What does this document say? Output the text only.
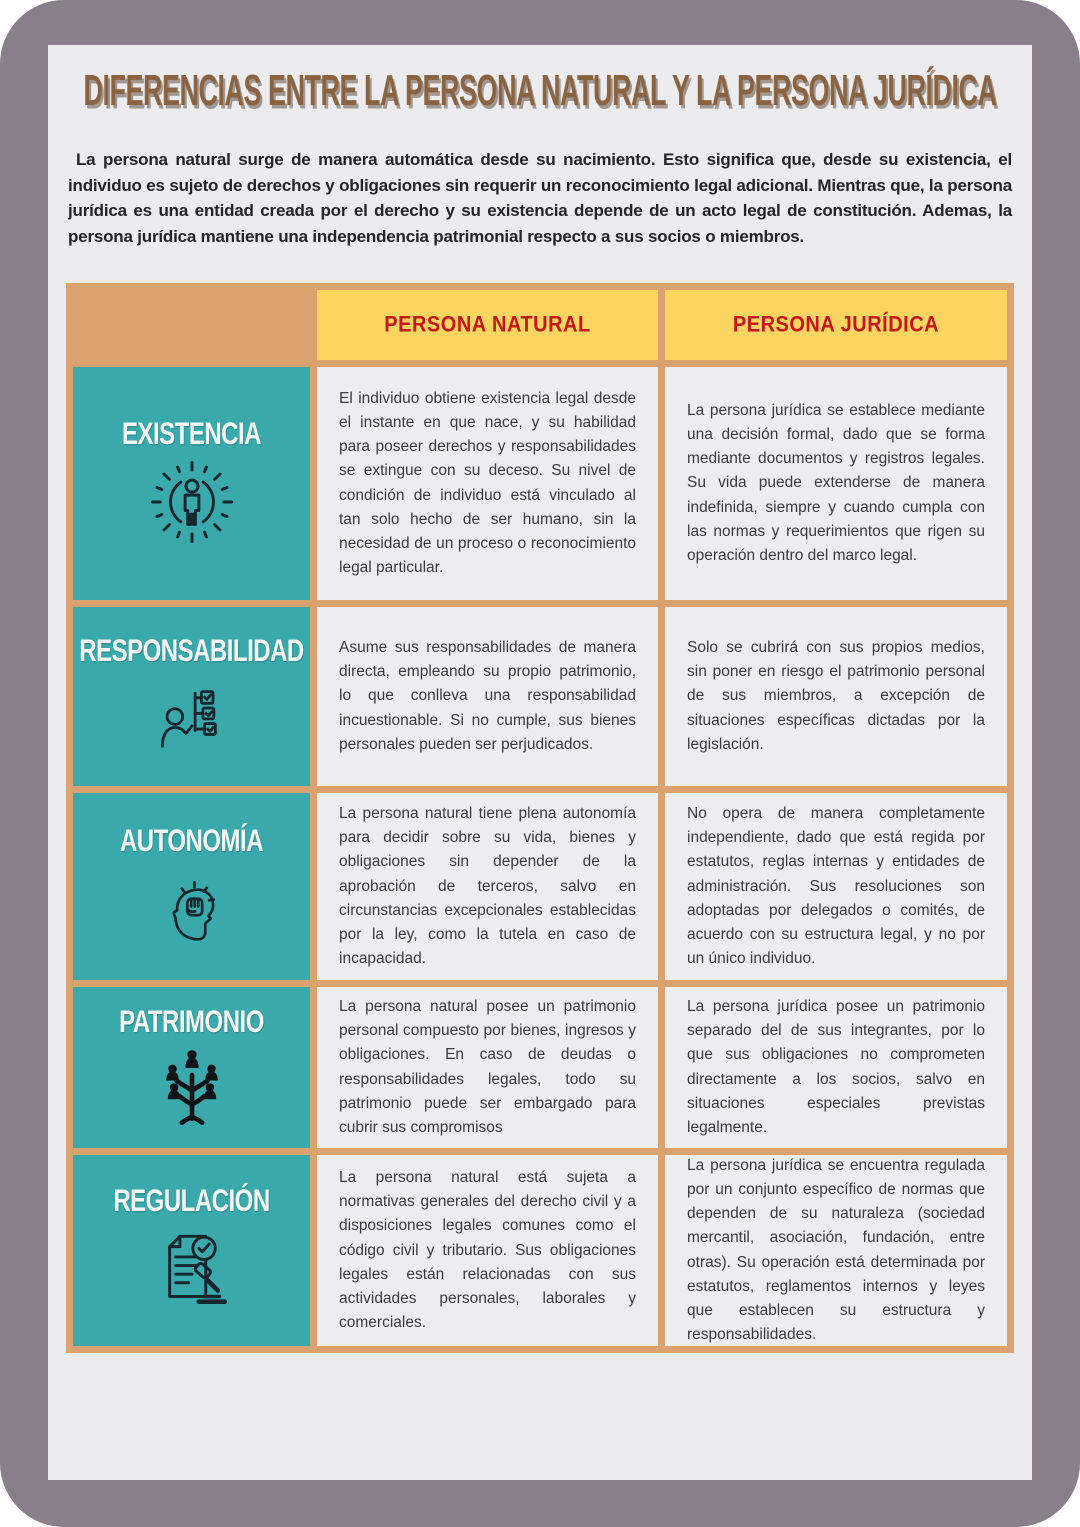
DIFERENCIAS ENTRE LA PERSONA NATURAL Y LA PERSONA JURÍDICA

La persona natural surge de manera automática desde su nacimiento. Esto significa que, desde su existencia, el individuo es sujeto de derechos y obligaciones sin requerir un reconocimiento legal adicional. Mientras que, la persona jurídica es una entidad creada por el derecho y su existencia depende de un acto legal de constitución. Ademas, la persona jurídica mantiene una independencia patrimonial respecto a sus socios o miembros.

PERSONA NATURAL	PERSONA JURÍDICA
EXISTENCIA

El individuo obtiene existencia legal desde el instante en que nace, y su habilidad para poseer derechos y responsabilidades se extingue con su deceso. Su nivel de condición de individuo está vinculado al tan solo hecho de ser humano, sin la necesidad de un proceso o reconocimiento legal particular.

La persona jurídica se establece mediante una decisión formal, dado que se forma mediante documentos y registros legales. Su vida puede extenderse de manera indefinida, siempre y cuando cumpla con las normas y requerimientos que rigen su operación dentro del marco legal.

RESPONSABILIDAD Asume sus responsabilidades de manera directa, empleando su propio patrimonio, lo que conlleva una responsabilidad incuestionable. Si no cumple, sus bienes personales pueden ser perjudicados.

Solo se cubrirá con sus propios medios, sin poner en riesgo el patrimonio personal de sus miembros, a excepción de situaciones específicas dictadas por la legislación.

AUTONOMÍA

La persona natural tiene plena autonomía para decidir sobre su vida, bienes y obligaciones sin depender de la aprobación de terceros, salvo en circunstancias excepcionales establecidas por la ley, como la tutela en caso de incapacidad.

No opera de manera completamente independiente, dado que está regida por estatutos, reglas internas y entidades de administración. Sus resoluciones son adoptadas por delegados o comités, de acuerdo con su estructura legal, y no por un único individuo.

PATRIMONIO	La persona natural posee un patrimonio personal compuesto por bienes, ingresos y obligaciones. En caso de deudas o responsabilidades legales, todo su patrimonio puede ser embargado para cubrir sus compromisos

La persona jurídica posee un patrimonio separado del de sus integrantes, por lo que sus obligaciones no comprometen directamente a los socios, salvo en situaciones especiales previstas legalmente.

REGULACIÓN

La persona natural está sujeta a normativas generales del derecho civil y a disposiciones legales comunes como el código civil y tributario. Sus obligaciones legales están relacionadas con sus actividades personales, laborales y comerciales.

La persona jurídica se encuentra regulada por un conjunto específico de normas que dependen de su naturaleza (sociedad mercantil, asociación, fundación, entre otras). Su operación está determinada por estatutos, reglamentos internos y leyes que establecen su estructura y responsabilidades.
